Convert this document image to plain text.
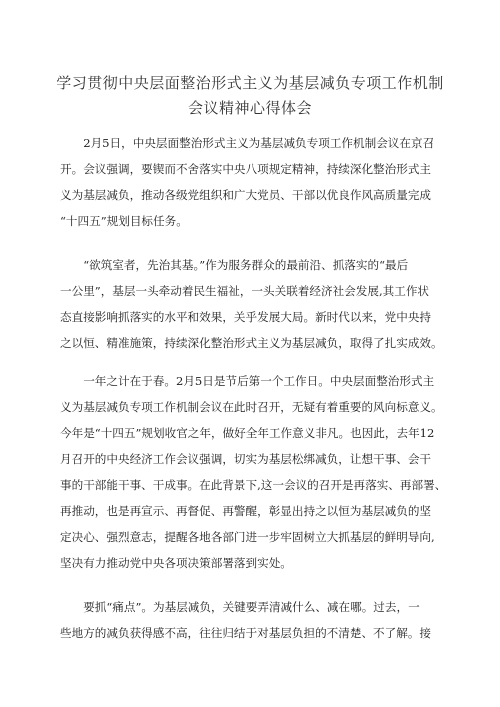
学习贯彻中央层面整治形式主义为基层减负专项工作机制
会议精神心得体会
　　2月5日，中央层面整治形式主义为基层减负专项工作机制会议在京召
开。会议强调，要锲而不舍落实中央八项规定精神，持续深化整治形式主
义为基层减负，推动各级党组织和广大党员、干部以优良作风高质量完成
“十四五”规划目标任务。
　　“欲筑室者，先治其基。”作为服务群众的最前沿、抓落实的“最后
一公里”，基层一头牵动着民生福祉，一头关联着经济社会发展,其工作状
态直接影响抓落实的水平和效果，关乎发展大局。新时代以来，党中央持
之以恒、精准施策，持续深化整治形式主义为基层减负，取得了扎实成效。
　　一年之计在于春。2月5日是节后第一个工作日。中央层面整治形式主
义为基层减负专项工作机制会议在此时召开，无疑有着重要的风向标意义。
今年是“十四五”规划收官之年，做好全年工作意义非凡。也因此，去年12
月召开的中央经济工作会议强调，切实为基层松绑减负，让想干事、会干
事的干部能干事、干成事。在此背景下,这一会议的召开是再落实、再部署、
再推动，也是再宣示、再督促、再警醒，彰显出持之以恒为基层减负的坚
定决心、强烈意志，提醒各地各部门进一步牢固树立大抓基层的鲜明导向,
坚决有力推动党中央各项决策部署落到实处。
　　要抓“痛点”。为基层减负，关键要弄清减什么、减在哪。过去，一
些地方的减负获得感不高，往往归结于对基层负担的不清楚、不了解。接
